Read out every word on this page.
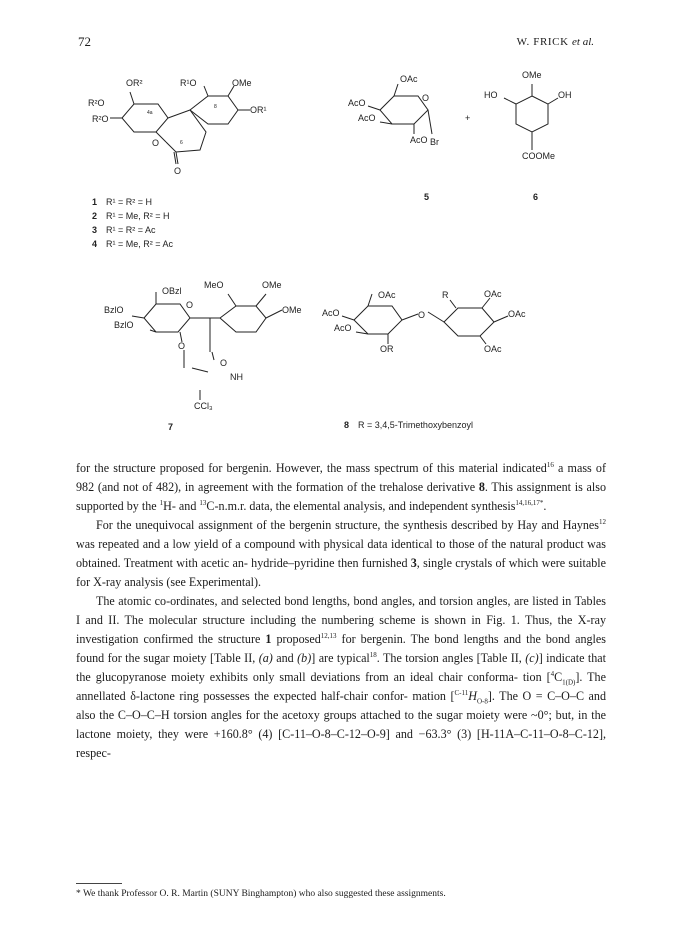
72	W. FRICK et al.
OR²	R¹O	OMe
OR¹
R²O
R²O
O
4a
6
8
O
1 R¹ = R² = H
2 R¹ = Me, R² = H
3 R¹ = R² = Ac
4 R¹ = Me, R² = Ac
OAc
AcO
AcO
AcO Br
O
5
+
OMe
HO	OH
COOMe
6
OBzl
BzlO
BzlO
MeO	OMe
OMe
O
O
O
NH
CCl₃
7
OAc
AcO
AcO
OR
R
O
OAc
OAc
OAc
8 R = 3,4,5-Trimethoxybenzoyl

for the structure proposed for bergenin. However, the mass spectrum of this material indicated$^{16}$ a mass of 982 (and not of 482), in agreement with the formation of the trehalose derivative 8. This assignment is also supported by the $^1$H- and $^{13}$C-n.m.r. data, the elemental analysis, and independent synthesis$^{14,16,17*}$.

For the unequivocal assignment of the bergenin structure, the synthesis described by Hay and Haynes$^{12}$ was repeated and a low yield of a compound with physical data identical to those of the natural product was obtained. Treatment with acetic an- hydride–pyridine then furnished 3, single crystals of which were suitable for X-ray analysis (see Experimental).

The atomic co-ordinates, and selected bond lengths, bond angles, and torsion angles, are listed in Tables I and II. The molecular structure including the numbering scheme is shown in Fig. 1. Thus, the X-ray investigation confirmed the structure 1 proposed$^{12,13}$ for bergenin. The bond lengths and the bond angles found for the sugar moiety [Table II, (a) and (b)] are typical$^{18}$. The torsion angles [Table II, (c)] indicate that the glucopyranose moiety exhibits only small deviations from an ideal chair conforma- tion $[^4C_{1(D)}]$. The annellated δ-lactone ring possesses the expected half-chair confor- mation $[^{C-11}H_{O-8}]$. The O = C–O–C and also the C–O–C–H torsion angles for the acetoxy groups attached to the sugar moiety were ~0°; but, in the lactone moiety, they were +160.8° (4) [C-11–O-8–C-12–O-9] and −63.3° (3) [H-11A–C-11–O-8–C-12], respec-

* We thank Professor O. R. Martin (SUNY Binghampton) who also suggested these assignments.
